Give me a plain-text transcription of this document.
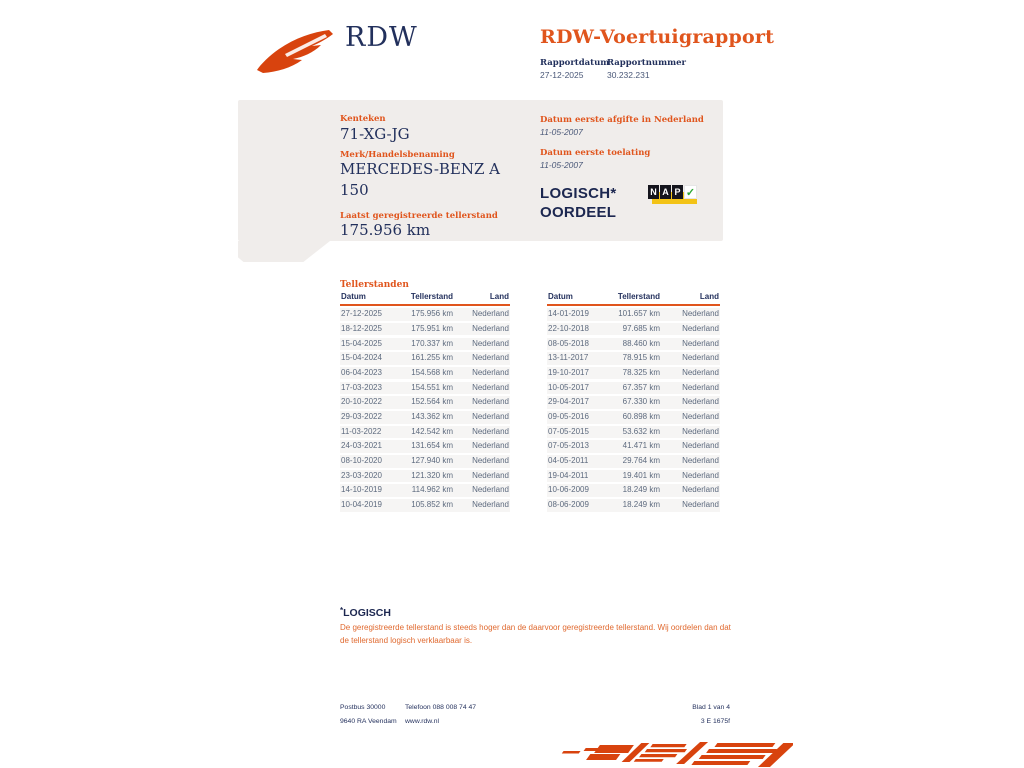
RDW	RDW-Voertuigrapport
Rapportdatum
27-12-2025
Rapportnummer
30.232.231
Kenteken
71-XG-JG
Merk/Handelsbenaming
MERCEDES-BENZ A 150
Laatst geregistreerde tellerstand
175.956 km
Datum eerste afgifte in Nederland
11-05-2007
Datum eerste toelating
11-05-2007
LOGISCH*
OORDEEL
N A P ✓
Tellerstanden
Datum	Tellerstand	Land
27-12-2025	175.956 km	Nederland
18-12-2025	175.951 km	Nederland
15-04-2025	170.337 km	Nederland
15-04-2024	161.255 km	Nederland
06-04-2023	154.568 km	Nederland
17-03-2023	154.551 km	Nederland
20-10-2022	152.564 km	Nederland
29-03-2022	143.362 km	Nederland
11-03-2022	142.542 km	Nederland
24-03-2021	131.654 km	Nederland
08-10-2020	127.940 km	Nederland
23-03-2020	121.320 km	Nederland
14-10-2019	114.962 km	Nederland
10-04-2019	105.852 km	Nederland
Datum	Tellerstand	Land
14-01-2019	101.657 km	Nederland
22-10-2018	97.685 km	Nederland
08-05-2018	88.460 km	Nederland
13-11-2017	78.915 km	Nederland
19-10-2017	78.325 km	Nederland
10-05-2017	67.357 km	Nederland
29-04-2017	67.330 km	Nederland
09-05-2016	60.898 km	Nederland
07-05-2015	53.632 km	Nederland
07-05-2013	41.471 km	Nederland
04-05-2011	29.764 km	Nederland
19-04-2011	19.401 km	Nederland
10-06-2009	18.249 km	Nederland
08-06-2009	18.249 km	Nederland
*LOGISCH
De geregistreerde tellerstand is steeds hoger dan de daarvoor geregistreerde tellerstand. Wij oordelen dan dat de tellerstand logisch verklaarbaar is.
Postbus 30000
9640 RA Veendam
Telefoon 088 008 74 47
www.rdw.nl
Blad 1 van 4
3 E 1675f
